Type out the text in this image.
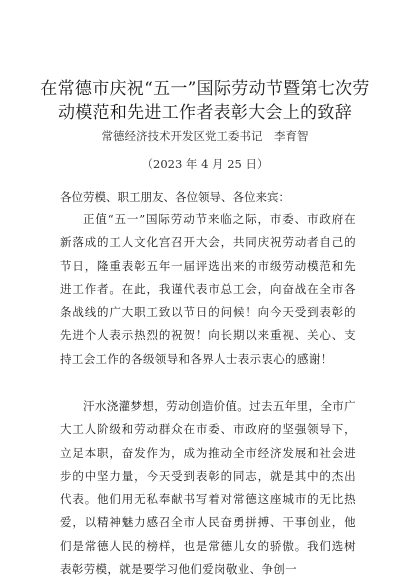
在常德市庆祝“五一”国际劳动节暨第七次劳
动模范和先进工作者表彰大会上的致辞
常德经济技术开发区党工委书记　李育智
（2023 年 4 月 25 日）
各位劳模、职工朋友、各位领导、各位来宾：

正值“五一”国际劳动节来临之际，市委、市政府在新落成的工人文化宫召开大会，共同庆祝劳动者自己的节日，隆重表彰五年一届评选出来的市级劳动模范和先进工作者。在此，我谨代表市总工会，向奋战在全市各条战线的广大职工致以节日的问候！向今天受到表彰的先进个人表示热烈的祝贺！向长期以来重视、关心、支持工会工作的各级领导和各界人士表示衷心的感谢！

汗水浇灌梦想，劳动创造价值。过去五年里，全市广大工人阶级和劳动群众在市委、市政府的坚强领导下，立足本职，奋发作为，成为推动全市经济发展和社会进步的中坚力量，今天受到表彰的同志，就是其中的杰出代表。他们用无私奉献书写着对常德这座城市的无比热爱，以精神魅力感召全市人民奋勇拼搏、干事创业，他们是常德人民的榜样，也是常德儿女的骄傲。我们选树表彰劳模，就是要学习他们爱岗敬业、争创一
